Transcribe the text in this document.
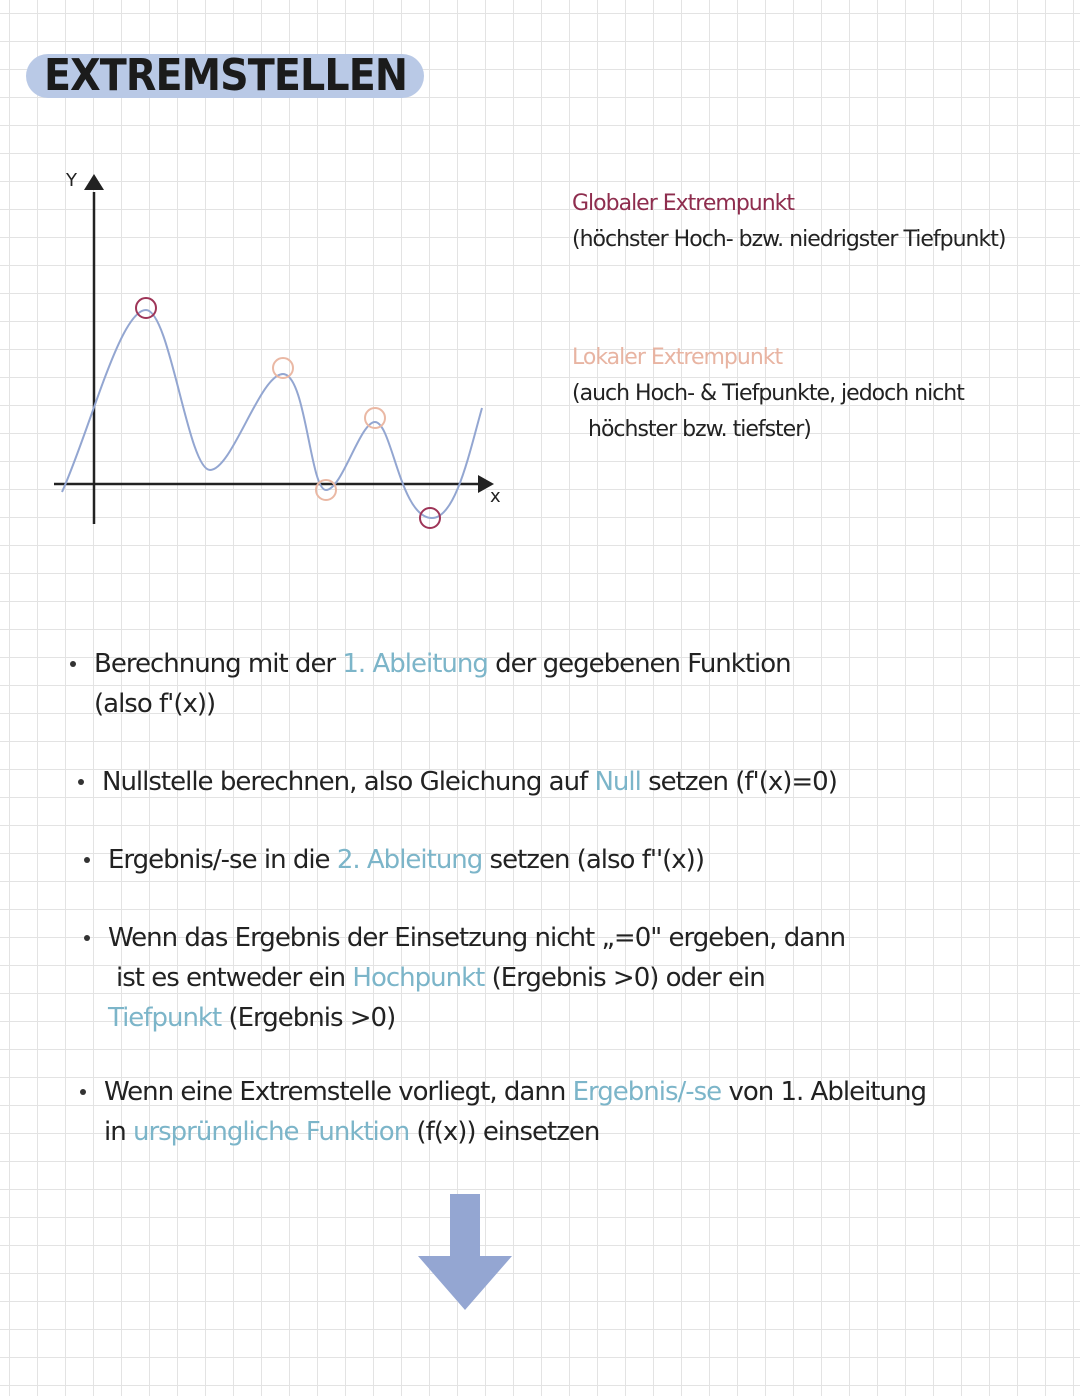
EXTREMSTELLEN
Y
x
Globaler Extrempunkt
(höchster Hoch- bzw. niedrigster Tiefpunkt)
Lokaler Extrempunkt
(auch Hoch- & Tiefpunkte, jedoch nicht
höchster bzw. tiefster)
Berechnung mit der 1. Ableitung der gegebenen Funktion
(also f'(x))
Nullstelle berechnen, also Gleichung auf Null setzen (f'(x)=0)
Ergebnis/-se in die 2. Ableitung setzen (also f''(x))
Wenn das Ergebnis der Einsetzung nicht „=0" ergeben, dann
ist es entweder ein Hochpunkt (Ergebnis >0) oder ein
Tiefpunkt (Ergebnis >0)
Wenn eine Extremstelle vorliegt, dann Ergebnis/-se von 1. Ableitung
in ursprüngliche Funktion (f(x)) einsetzen
